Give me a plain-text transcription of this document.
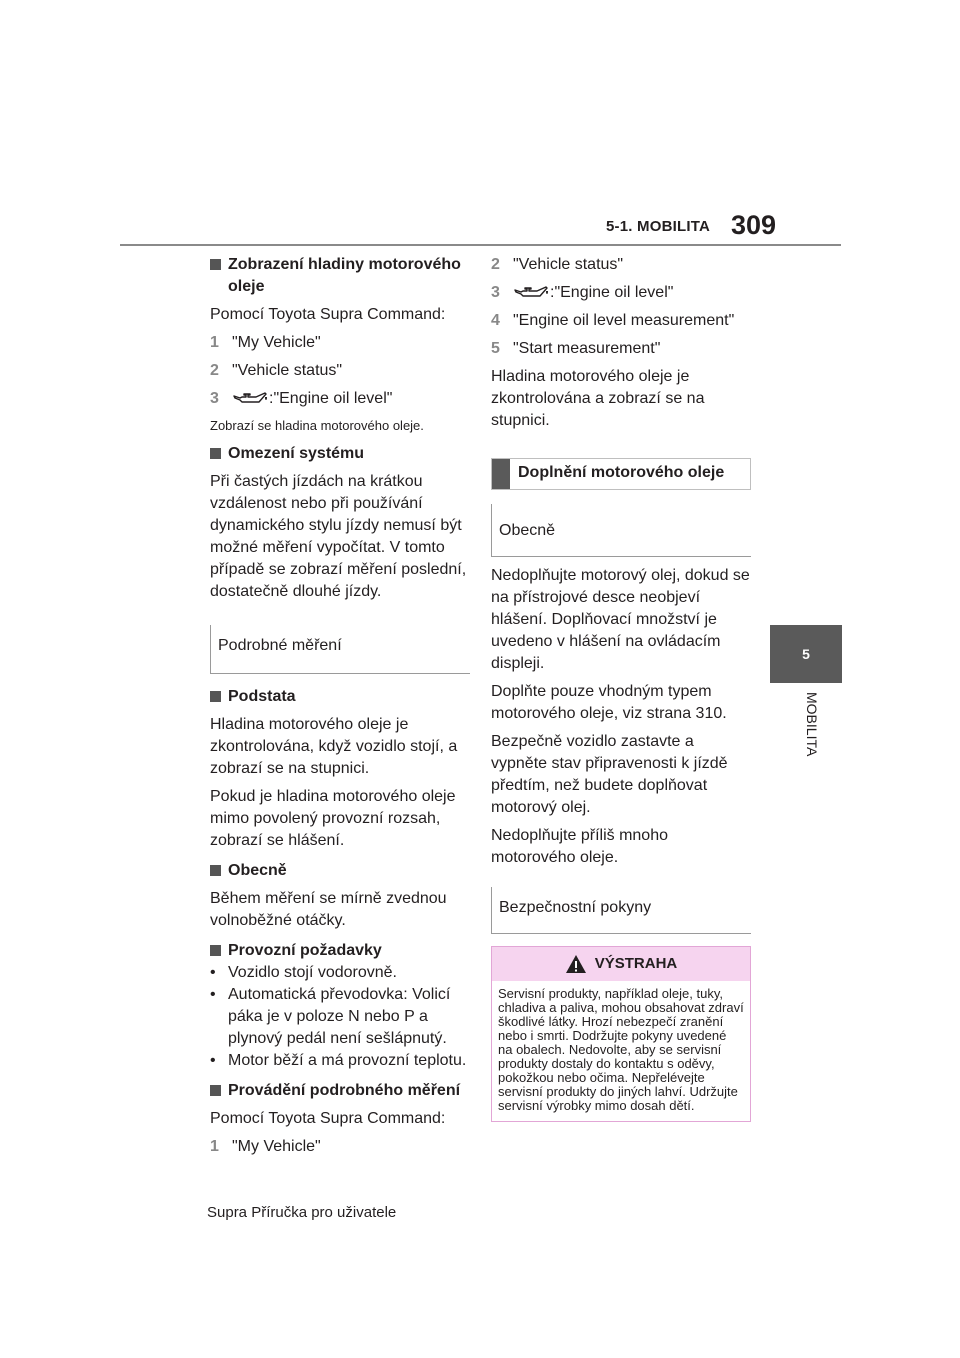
5-1. MOBILITA 309
5
MOBILITA

Zobrazení hladiny motorového oleje

Pomocí Toyota Supra Command:

1 "My Vehicle"

2 "Vehicle status"

3	:"Engine oil level"

Zobrazí se hladina motorového oleje.

Omezení systému

Při častých jízdách na krátkou vzdálenost nebo při používání dynamického stylu jízdy nemusí být možné měření vypočítat. V tomto případě se zobrazí měření poslední, dostatečně dlouhé jízdy.

Podrobné měření

Podstata

Hladina motorového oleje je zkontrolována, když vozidlo stojí, a zobrazí se na stupnici.

Pokud je hladina motorového oleje mimo povolený provozní rozsah, zobrazí se hlášení.

Obecně

Během měření se mírně zvednou volnoběžné otáčky.

Provozní požadavky

• Vozidlo stojí vodorovně.
• Automatická převodovka: Volicí páka je v poloze N nebo P a plynový pedál není sešlápnutý.
• Motor běží a má provozní teplotu.

Provádění podrobného měření

Pomocí Toyota Supra Command:

1 "My Vehicle"

2 "Vehicle status"

3	:"Engine oil level"

4 "Engine oil level measurement"

5 "Start measurement"

Hladina motorového oleje je zkontrolována a zobrazí se na stupnici.

Doplnění motorového oleje
Obecně

Nedoplňujte motorový olej, dokud se na přístrojové desce neobjeví hlášení. Doplňovací množství je uvedeno v hlášení na ovládacím displeji.

Doplňte pouze vhodným typem motorového oleje, viz strana 310.

Bezpečně vozidlo zastavte a vypněte stav připravenosti k jízdě předtím, než budete doplňovat motorový olej.

Nedoplňujte příliš mnoho motorového oleje.

Bezpečnostní pokyny
VÝSTRAHA
Servisní produkty, například oleje, tuky, chladiva a paliva, mohou obsahovat zdraví škodlivé látky. Hrozí nebezpečí zranění nebo i smrti. Dodržujte pokyny uvedené na obalech. Nedovolte, aby se servisní produkty dostaly do kontaktu s oděvy, pokožkou nebo očima. Nepřelévejte servisní produkty do jiných lahví. Udržujte servisní výrobky mimo dosah dětí.
Supra Příručka pro uživatele
